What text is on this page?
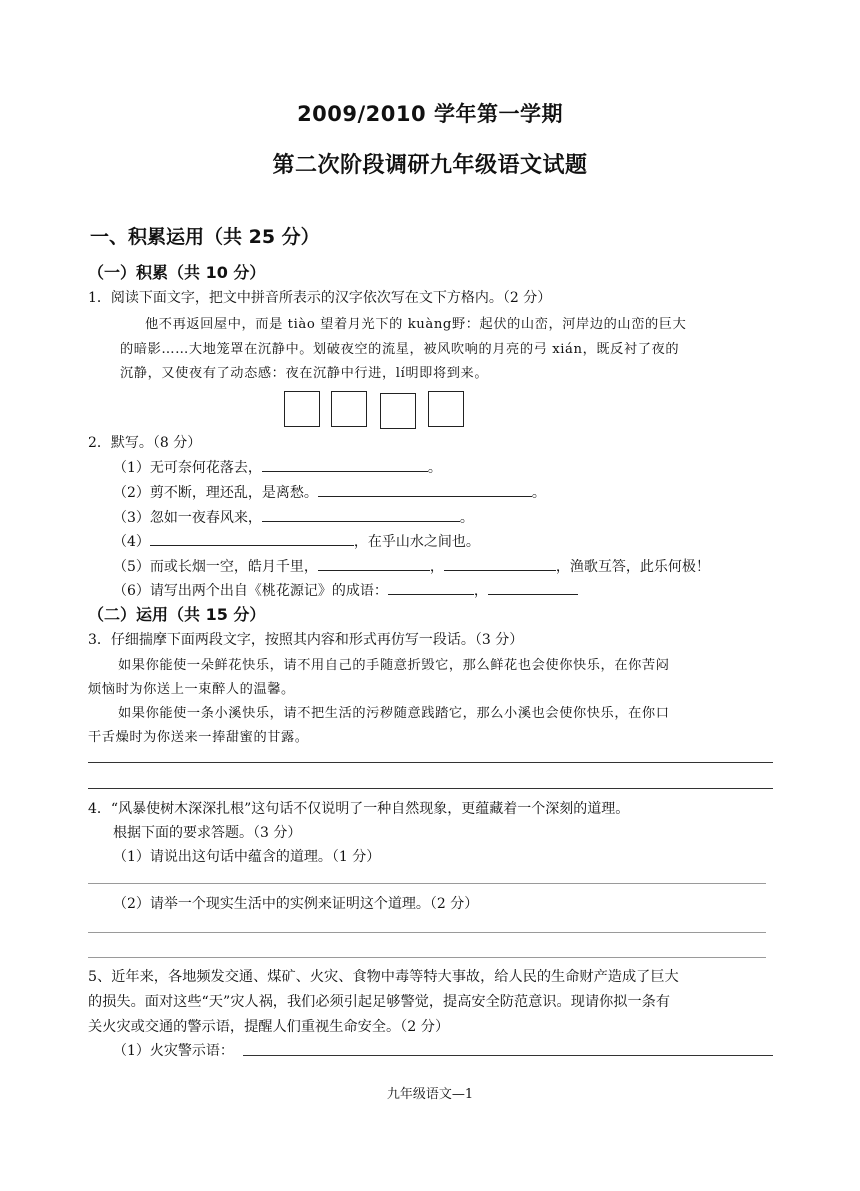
2009/2010 学年第一学期
第二次阶段调研九年级语文试题
一、积累运用（共 25 分）
（一）积累（共 10 分）
1．阅读下面文字，把文中拼音所表示的汉字依次写在文下方格内。（2 分）
他不再返回屋中，而是 tiào 望着月光下的 kuàng野：起伏的山峦，河岸边的山峦的巨大
的暗影……大地笼罩在沉静中。划破夜空的流星，被风吹响的月亮的弓 xián，既反衬了夜的
沉静，又使夜有了动态感：夜在沉静中行进，lí明即将到来。
2．默写。（8 分）
（1）无可奈何花落去，	。
（2）剪不断，理还乱，是离愁。	。
（3）忽如一夜春风来，	。
（4）	，在乎山水之间也。
（5）而或长烟一空，皓月千里，	，	，渔歌互答，此乐何极！
（6）请写出两个出自《桃花源记》的成语：	，
（二）运用（共 15 分）
3．仔细揣摩下面两段文字，按照其内容和形式再仿写一段话。（3 分）
如果你能使一朵鲜花快乐，请不用自己的手随意折毁它，那么鲜花也会使你快乐，在你苦闷
烦恼时为你送上一束醉人的温馨。
如果你能使一条小溪快乐，请不把生活的污秽随意践踏它，那么小溪也会使你快乐，在你口
干舌燥时为你送来一捧甜蜜的甘露。
4．“风暴使树木深深扎根”这句话不仅说明了一种自然现象，更蕴藏着一个深刻的道理。
根据下面的要求答题。（3 分）
（1）请说出这句话中蕴含的道理。（1 分）
（2）请举一个现实生活中的实例来证明这个道理。（2 分）
5、近年来，各地频发交通、煤矿、火灾、食物中毒等特大事故，给人民的生命财产造成了巨大
的损失。面对这些“天”灾人祸，我们必须引起足够警觉，提高安全防范意识。现请你拟一条有
关火灾或交通的警示语，提醒人们重视生命安全。（2 分）
（1）火灾警示语：
九年级语文—1
